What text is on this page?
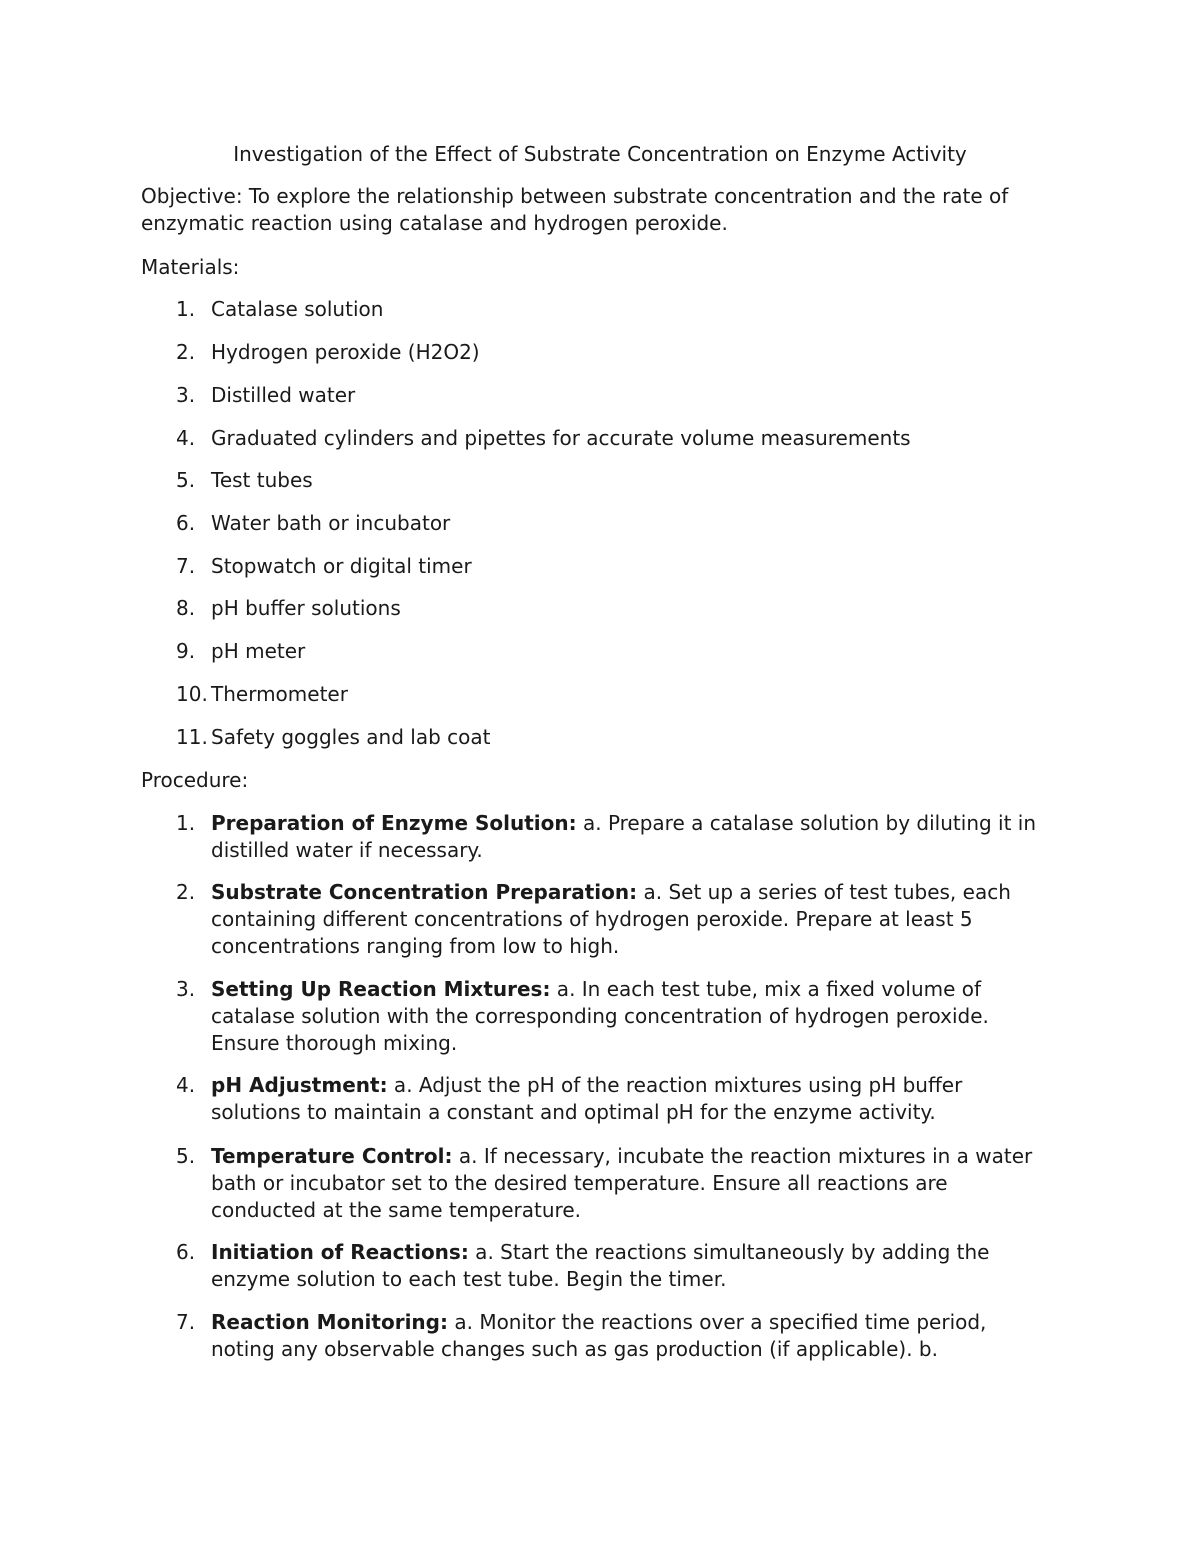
Investigation of the Effect of Substrate Concentration on Enzyme Activity
Objective: To explore the relationship between substrate concentration and the rate of enzymatic reaction using catalase and hydrogen peroxide.
Materials:
1. Catalase solution
2. Hydrogen peroxide (H2O2)
3. Distilled water
4. Graduated cylinders and pipettes for accurate volume measurements
5. Test tubes
6. Water bath or incubator
7. Stopwatch or digital timer
8. pH buffer solutions
9. pH meter
10. Thermometer
11. Safety goggles and lab coat
Procedure:
1. Preparation of Enzyme Solution: a. Prepare a catalase solution by diluting it in distilled water if necessary.
2. Substrate Concentration Preparation: a. Set up a series of test tubes, each containing different concentrations of hydrogen peroxide. Prepare at least 5 concentrations ranging from low to high.
3. Setting Up Reaction Mixtures: a. In each test tube, mix a fixed volume of catalase solution with the corresponding concentration of hydrogen peroxide. Ensure thorough mixing.
4. pH Adjustment: a. Adjust the pH of the reaction mixtures using pH buffer solutions to maintain a constant and optimal pH for the enzyme activity.
5. Temperature Control: a. If necessary, incubate the reaction mixtures in a water bath or incubator set to the desired temperature. Ensure all reactions are conducted at the same temperature.
6. Initiation of Reactions: a. Start the reactions simultaneously by adding the enzyme solution to each test tube. Begin the timer.
7. Reaction Monitoring: a. Monitor the reactions over a specified time period, noting any observable changes such as gas production (if applicable). b.
